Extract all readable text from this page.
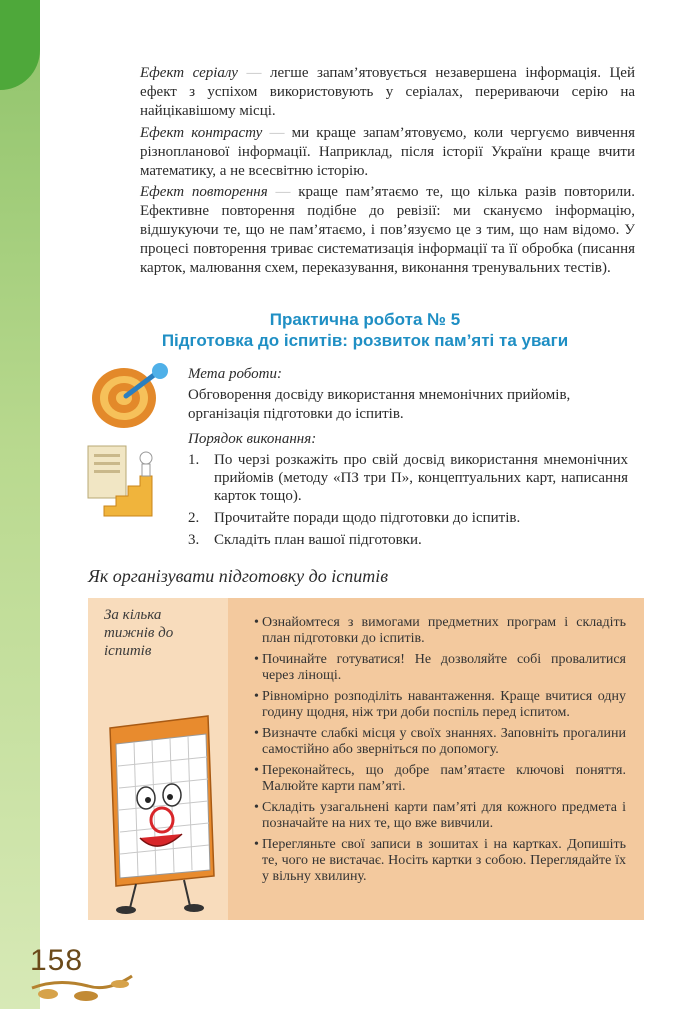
Ефект серіалу — легше запам’ятовується незавершена інформація. Цей ефект з успіхом використовують у серіалах, перериваючи серію на найцікавішому місці.

Ефект контрасту — ми краще запам’ятовуємо, коли чергуємо вивчення різнопланової інформації. Наприклад, після історії України краще вчити математику, а не всесвітню історію.

Ефект повторення — краще пам’ятаємо те, що кілька разів повторили. Ефективне повторення подібне до ревізії: ми скануємо інформацію, відшукуючи те, що не пам’ятаємо, і пов’язуємо це з тим, що нам відомо. У процесі повторення триває систематизація інформації та її обробка (писання карток, малювання схем, переказування, виконання тренувальних тестів).

Практична робота № 5
Підготовка до іспитів: розвиток пам’яті та уваги
Мета роботи:

Обговорення досвіду використання мнемонічних прийомів, організація підготовки до іспитів.

Порядок виконання:
1. По черзі розкажіть про свій досвід використання мнемонічних прийомів (методу «ПЗ три П», концептуальних карт, написання карток тощо).
2. Прочитайте поради щодо підготовки до іспитів.
3. Складіть план вашої підготовки.
Як організувати підготовку до іспитів
За кілька тижнів до іспитів
• Ознайомтеся з вимогами предметних програм і складіть план підготовки до іспитів.
• Починайте готуватися! Не дозволяйте собі провалитися через лінощі.
• Рівномірно розподіліть навантаження. Краще вчитися одну годину щодня, ніж три доби поспіль перед іспитом.
• Визначте слабкі місця у своїх знаннях. Заповніть прогалини самостійно або зверніться по допомогу.
• Переконайтесь, що добре пам’ятаєте ключові поняття. Малюйте карти пам’яті.
• Складіть узагальнені карти пам’яті для кожного предмета і позначайте на них те, що вже вивчили.
• Перегляньте свої записи в зошитах і на картках. Допишіть те, чого не вистачає. Носіть картки з собою. Переглядайте їх у вільну хвилину.
158
